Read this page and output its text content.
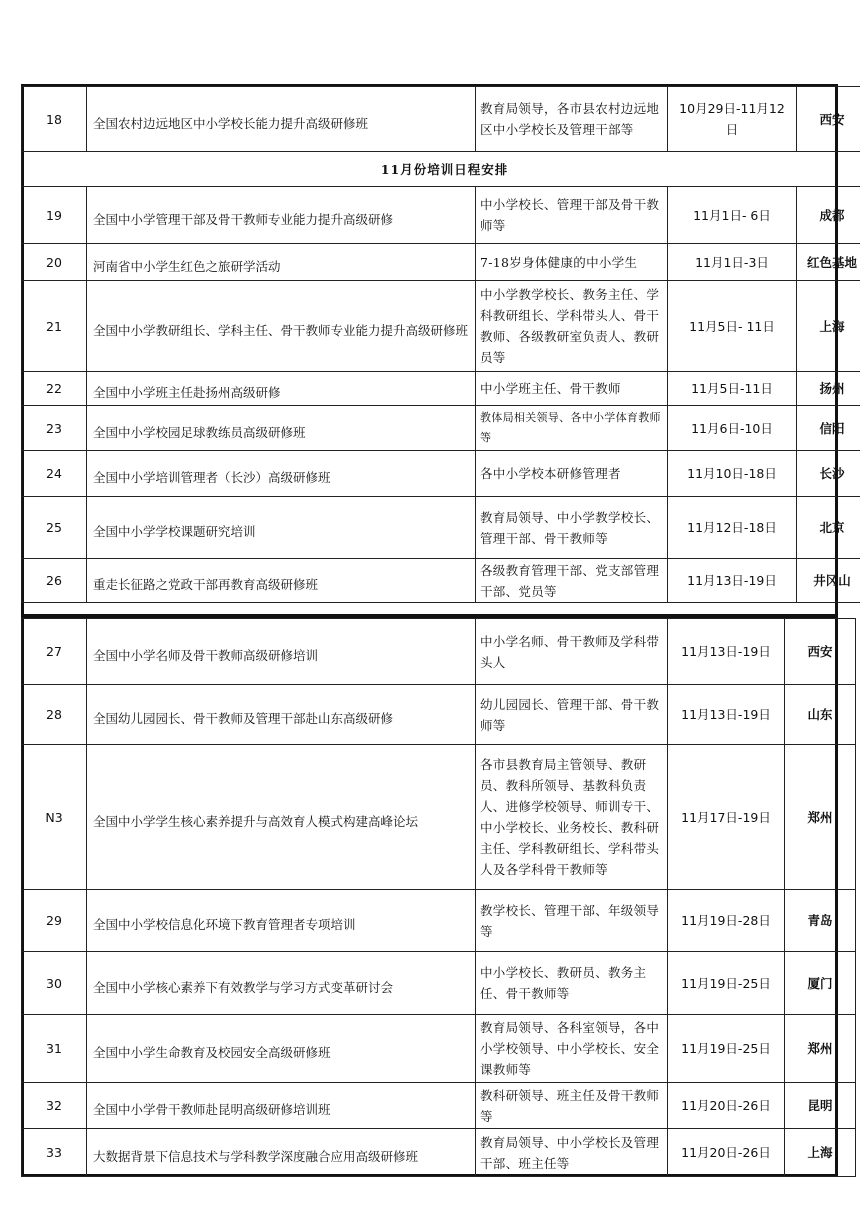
18	全国农村边远地区中小学校长能力提升高级研修班	教育局领导，各市县农村边远地区中小学校长及管理干部等	10月29日-11月12日	西安
11月份培训日程安排				
19	全国中小学管理干部及骨干教师专业能力提升高级研修	中小学校长、管理干部及骨干教师等	11月1日- 6日	成都
20	河南省中小学生红色之旅研学活动	7-18岁身体健康的中小学生	11月1日-3日	红色基地
21	全国中小学教研组长、学科主任、骨干教师专业能力提升高级研修班	中小学教学校长、教务主任、学科教研组长、学科带头人、骨干教师、各级教研室负责人、教研员等	11月5日- 11日	上海
22	全国中小学班主任赴扬州高级研修	中小学班主任、骨干教师	11月5日-11日	扬州
23	全国中小学校园足球教练员高级研修班	教体局相关领导、各中小学体育教师等	11月6日-10日	信阳
24	全国中小学培训管理者（长沙）高级研修班	各中小学校本研修管理者	11月10日-18日	长沙
25	全国中小学学校课题研究培训	教育局领导、中小学教学校长、管理干部、骨干教师等	11月12日-18日	北京
26	重走长征路之党政干部再教育高级研修班	各级教育管理干部、党支部管理干部、党员等	11月13日-19日	井冈山
27	全国中小学名师及骨干教师高级研修培训	中小学名师、骨干教师及学科带头人	11月13日-19日	西安
28	全国幼儿园园长、骨干教师及管理干部赴山东高级研修	幼儿园园长、管理干部、骨干教师等	11月13日-19日	山东
N3	全国中小学学生核心素养提升与高效育人模式构建高峰论坛	各市县教育局主管领导、教研员、教科所领导、基教科负责人、进修学校领导、师训专干、中小学校长、业务校长、教科研主任、学科教研组长、学科带头人及各学科骨干教师等	11月17日-19日	郑州
29	全国中小学校信息化环境下教育管理者专项培训	教学校长、管理干部、年级领导等	11月19日-28日	青岛
30	全国中小学核心素养下有效教学与学习方式变革研讨会	中小学校长、教研员、教务主任、骨干教师等	11月19日-25日	厦门
31	全国中小学生命教育及校园安全高级研修班	教育局领导、各科室领导，各中小学校领导、中小学校长、安全课教师等	11月19日-25日	郑州
32	全国中小学骨干教师赴昆明高级研修培训班	教科研领导、班主任及骨干教师等	11月20日-26日	昆明
33	大数据背景下信息技术与学科教学深度融合应用高级研修班	教育局领导、中小学校长及管理干部、班主任等	11月20日-26日	上海
